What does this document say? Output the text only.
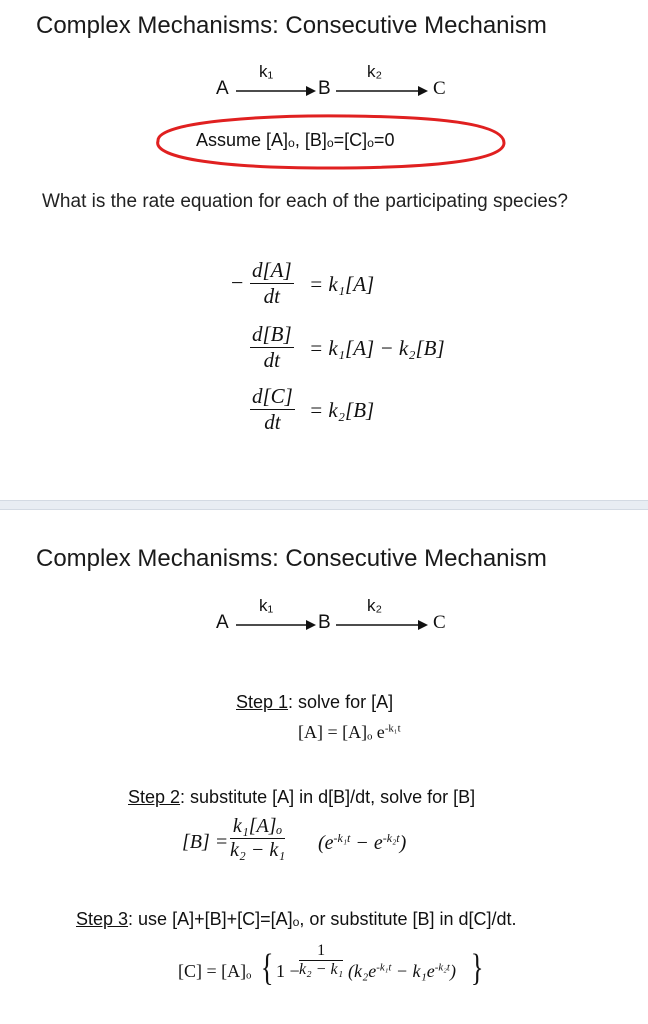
Complex Mechanisms: Consecutive Mechanism
A
k₁
B
k₂
C
Assume [A]ₒ, [B]ₒ=[C]ₒ=0
What is the rate equation for each of the participating species?
− $\frac{d[A]}{dt} = k_1[A]$
$\frac{d[B]}{dt} = k_1[A] - k_2[B]$
$\frac{d[C]}{dt} = k_2[B]$
Complex Mechanisms: Consecutive Mechanism
A
k₁
B
k₂
C
Step 1: solve for [A]
[A] = [A]ₒ $e^{-k_1t}$
Step 2: substitute [A] in d[B]/dt, solve for [B]
$[B] = \frac{\text{k₁[A]ₒ}}{\text{k₂ − k₁}} (e^{-k_1t} - e^{-k_2t})$
Step 3: use [A]+[B]+[C]=[A]ₒ, or substitute [B] in d[C]/dt.
[C] = [A]ₒ { $1 - \frac{1}{\text{k₂ − k₁}} (k_2e^{-k_1t} - k_1e^{-k_2t})$ }
